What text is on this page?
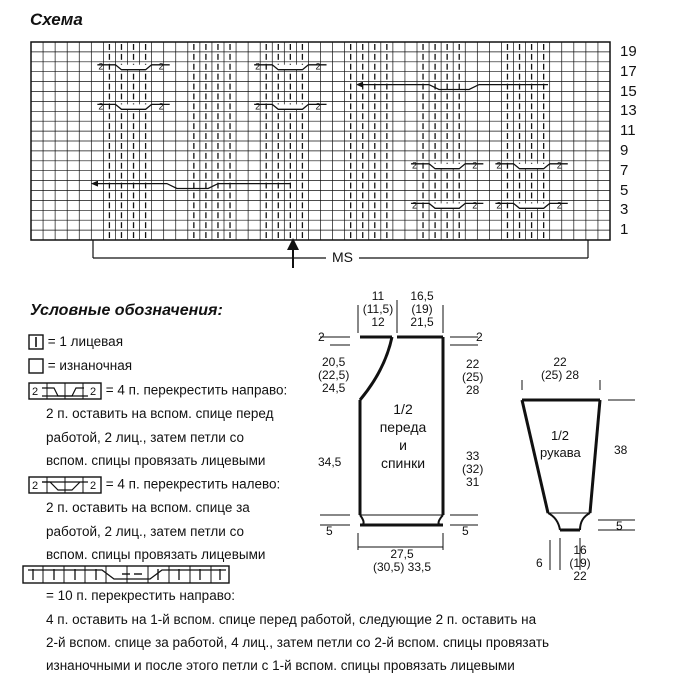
Схема
2	2	2	2
2	2	2	2
2	2 2	2
2	2 2	2
MS
19
17
15
13
11
9
7
5
3
1
Условные обозначения:
= 1 лицевая
= изнаночная
2	2 = 4 п. перекрестить направо:
2 п. оставить на вспом. спице перед
работой, 2 лиц., затем петли со
вспом. спицы провязать лицевыми
2	2 = 4 п. перекрестить налево:
2 п. оставить на вспом. спице за
работой, 2 лиц., затем петли со
вспом. спицы провязать лицевыми
= 10 п. перекрестить направо:
4 п. оставить на 1-й вспом. спице перед работой, следующие 2 п. оставить на
2-й вспом. спице за работой, 4 лиц., затем петли со 2-й вспом. спицы провязать
изнаночными и после этого петли с 1-й вспом. спицы провязать лицевыми
11
(11,5)
12
16,5
(19)
21,5
2	2
20,5
(22,5)
24,5
34,5
5	5
22
(25)
28
33
(32)
31
27,5
(30,5) 33,5
1/2
переда
и
спинки
22
(25) 28
1/2
рукава	38
5
6
16
(19)
22
